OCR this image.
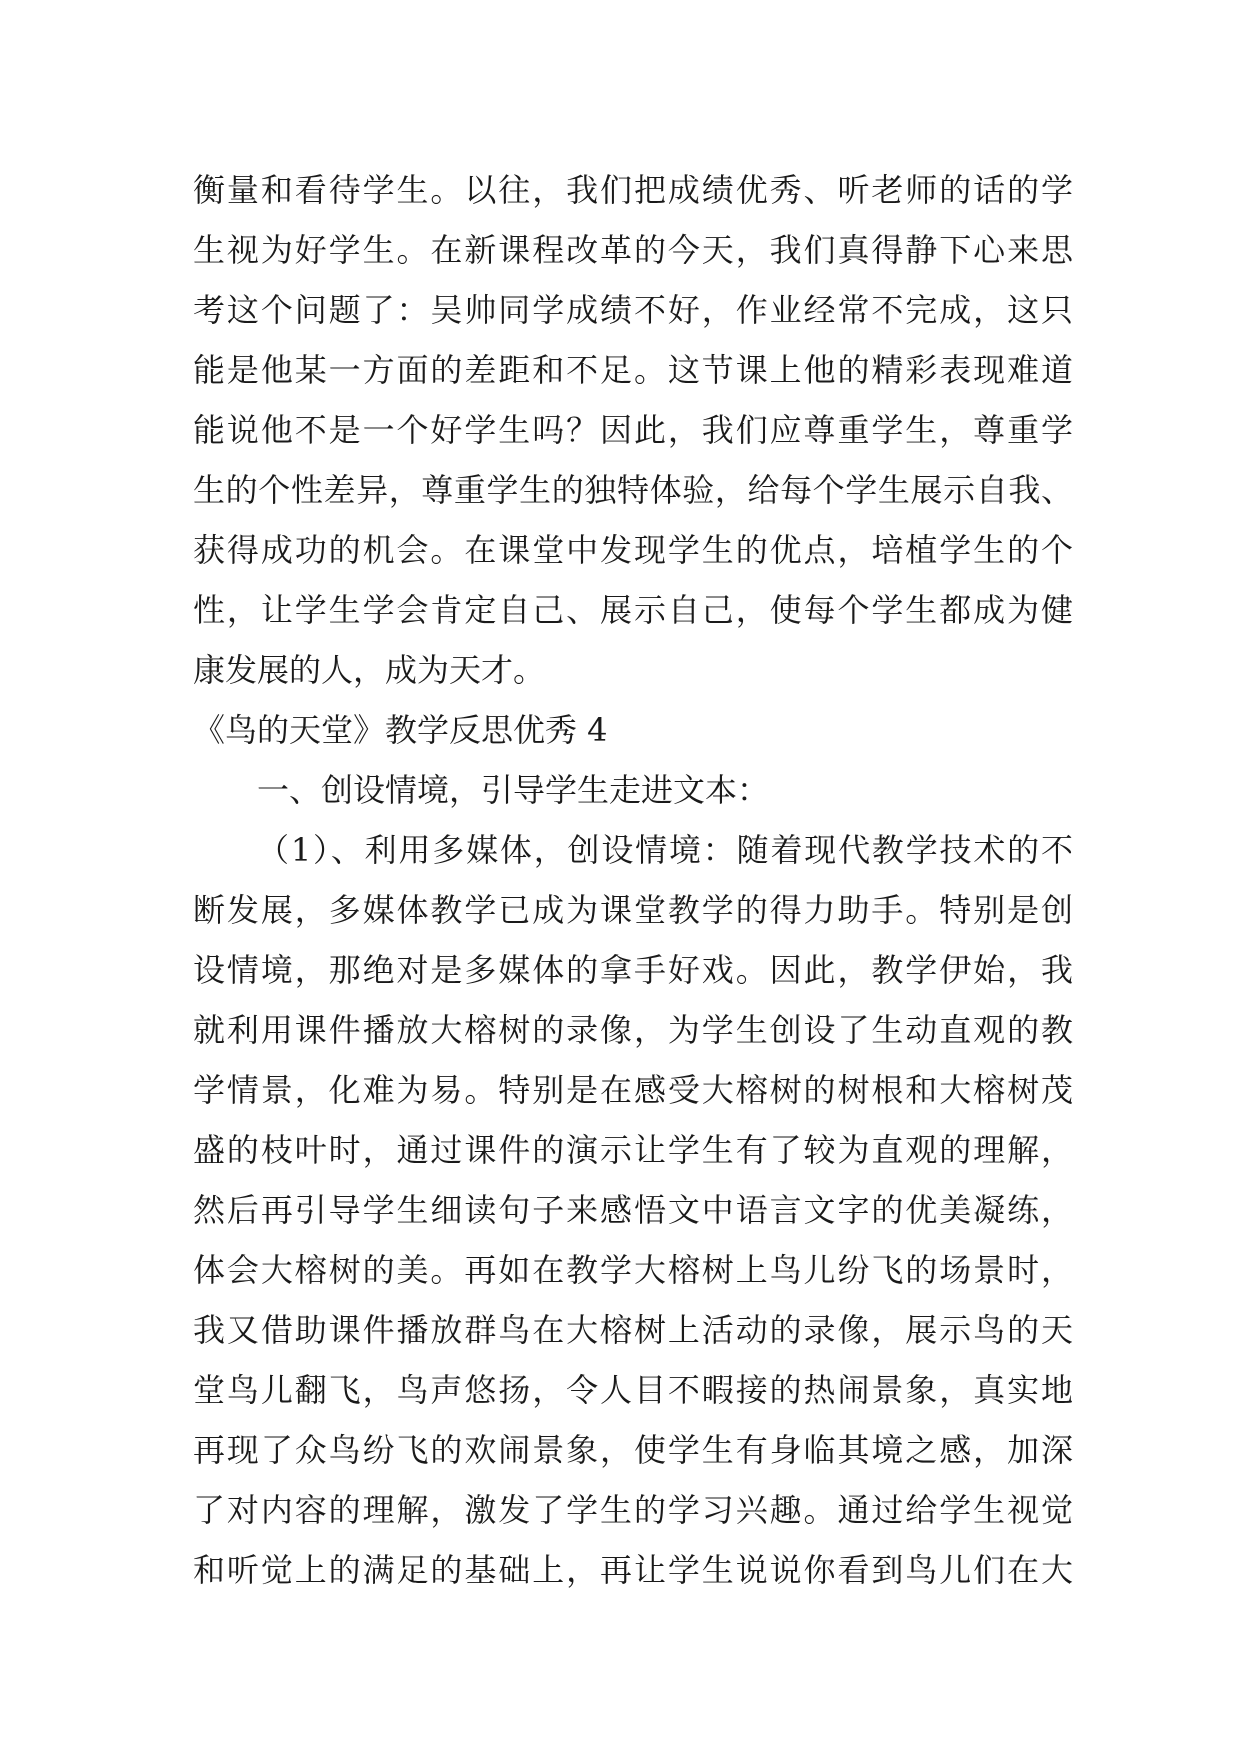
衡量和看待学生。以往，我们把成绩优秀、听老师的话的学
生视为好学生。在新课程改革的今天，我们真得静下心来思
考这个问题了：吴帅同学成绩不好，作业经常不完成，这只
能是他某一方面的差距和不足。这节课上他的精彩表现难道
能说他不是一个好学生吗？因此，我们应尊重学生，尊重学
生的个性差异，尊重学生的独特体验，给每个学生展示自我、
获得成功的机会。在课堂中发现学生的优点，培植学生的个
性，让学生学会肯定自己、展示自己，使每个学生都成为健
康发展的人，成为天才。
《鸟的天堂》教学反思优秀 4
一、创设情境，引导学生走进文本：
（1）、利用多媒体，创设情境：随着现代教学技术的不
断发展，多媒体教学已成为课堂教学的得力助手。特别是创
设情境，那绝对是多媒体的拿手好戏。因此，教学伊始，我
就利用课件播放大榕树的录像，为学生创设了生动直观的教
学情景，化难为易。特别是在感受大榕树的树根和大榕树茂
盛的枝叶时，通过课件的演示让学生有了较为直观的理解，
然后再引导学生细读句子来感悟文中语言文字的优美凝练，
体会大榕树的美。再如在教学大榕树上鸟儿纷飞的场景时，
我又借助课件播放群鸟在大榕树上活动的录像，展示鸟的天
堂鸟儿翻飞，鸟声悠扬，令人目不暇接的热闹景象，真实地
再现了众鸟纷飞的欢闹景象，使学生有身临其境之感，加深
了对内容的理解，激发了学生的学习兴趣。通过给学生视觉
和听觉上的满足的基础上，再让学生说说你看到鸟儿们在大
